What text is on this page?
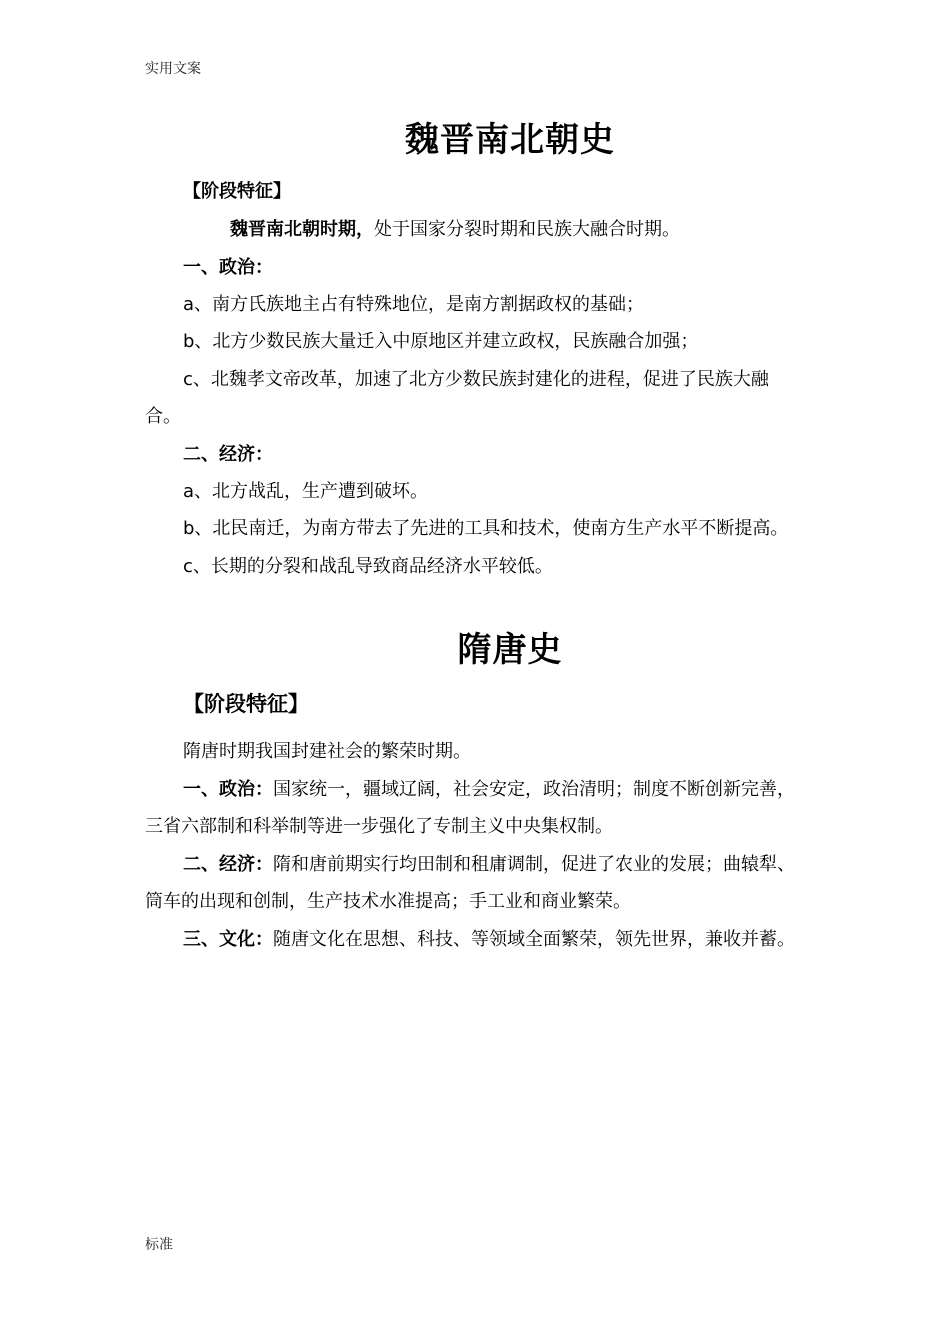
实用文案
魏晋南北朝史
【阶段特征】
魏晋南北朝时期，处于国家分裂时期和民族大融合时期。
一、政治：
a、南方氏族地主占有特殊地位，是南方割据政权的基础；
b、北方少数民族大量迁入中原地区并建立政权，民族融合加强；
c、北魏孝文帝改革，加速了北方少数民族封建化的进程，促进了民族大融
合。
二、经济：
a、北方战乱，生产遭到破坏。
b、北民南迁，为南方带去了先进的工具和技术，使南方生产水平不断提高。
c、长期的分裂和战乱导致商品经济水平较低。
隋唐史
【阶段特征】
隋唐时期我国封建社会的繁荣时期。
一、政治：国家统一，疆域辽阔，社会安定，政治清明；制度不断创新完善，
三省六部制和科举制等进一步强化了专制主义中央集权制。
二、经济：隋和唐前期实行均田制和租庸调制，促进了农业的发展；曲辕犁、
筒车的出现和创制，生产技术水准提高；手工业和商业繁荣。
三、文化：随唐文化在思想、科技、等领域全面繁荣，领先世界，兼收并蓄。
标准
